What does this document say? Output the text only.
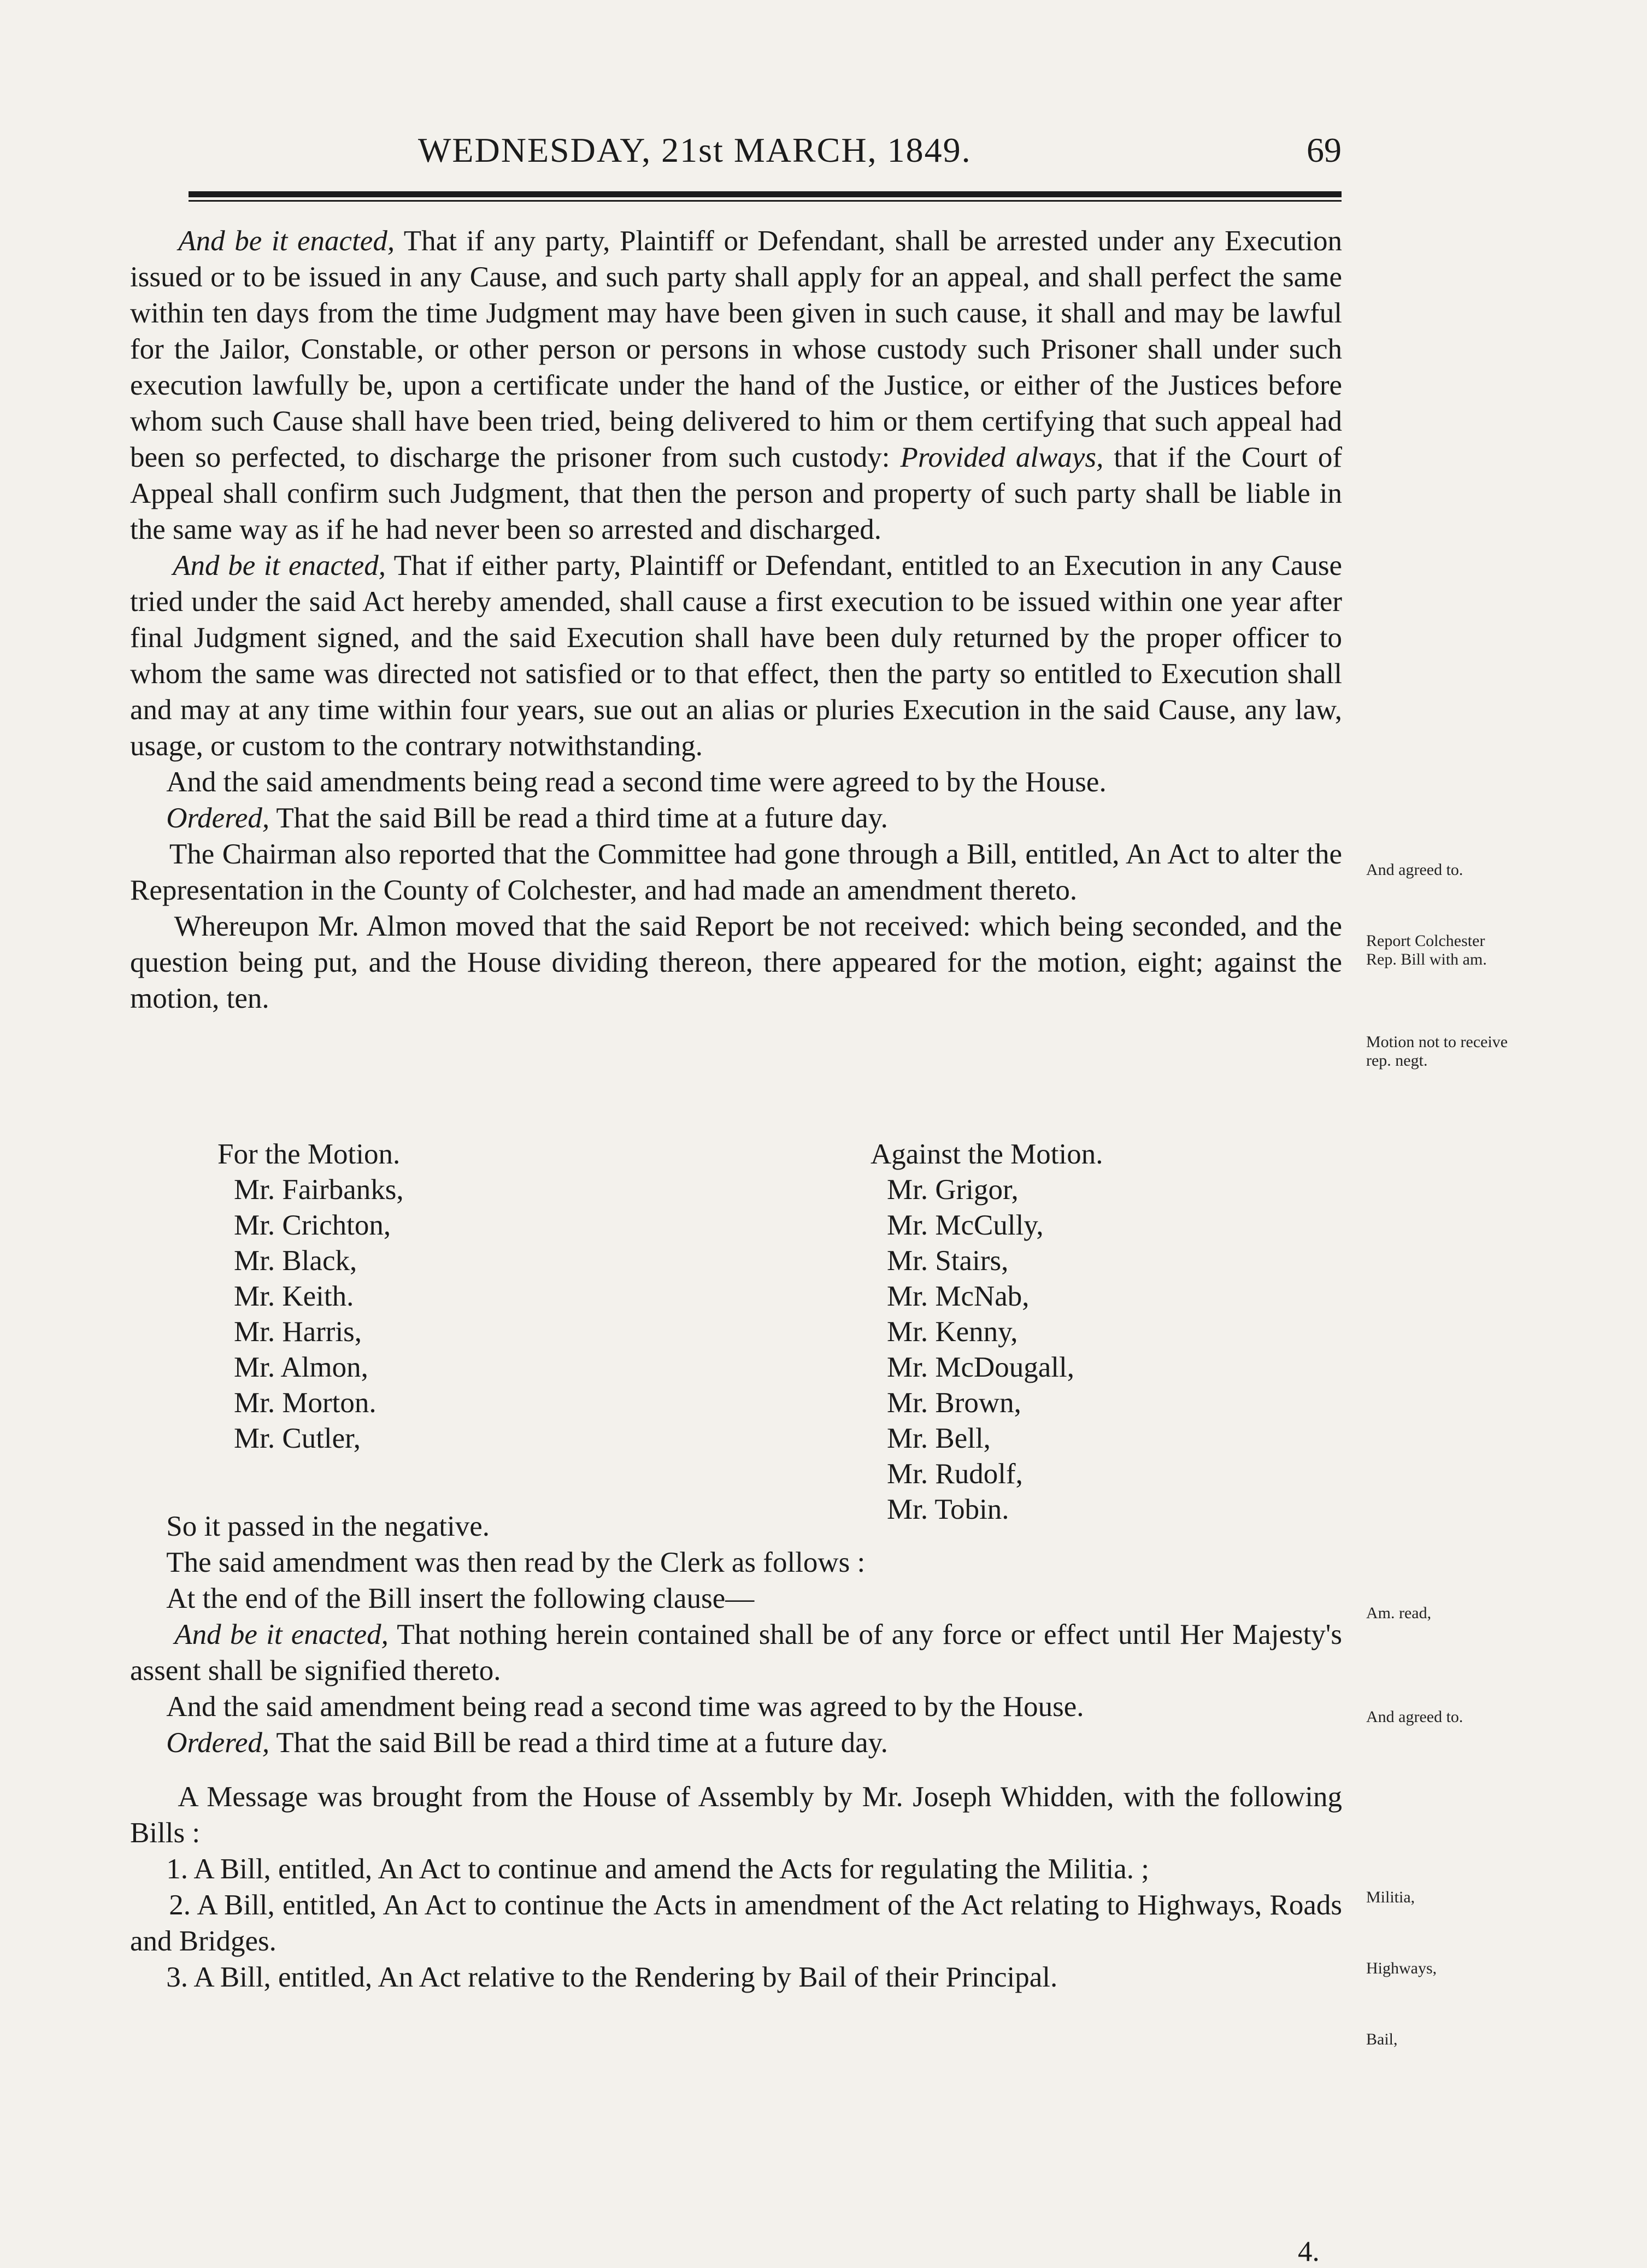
WEDNESDAY, 21st MARCH, 1849.	69

And be it enacted, That if any party, Plaintiff or Defendant, shall be arrested under any Execution issued or to be issued in any Cause, and such party shall apply for an appeal, and shall perfect the same within ten days from the time Judgment may have been given in such cause, it shall and may be lawful for the Jailor, Constable, or other person or persons in whose custody such Prisoner shall under such execution lawfully be, upon a certificate under the hand of the Justice, or either of the Justices before whom such Cause shall have been tried, being delivered to him or them certifying that such appeal had been so perfected, to discharge the prisoner from such custody: Provided always, that if the Court of Appeal shall confirm such Judgment, that then the person and property of such party shall be liable in the same way as if he had never been so arrested and discharged.

And be it enacted, That if either party, Plaintiff or Defendant, entitled to an Execution in any Cause tried under the said Act hereby amended, shall cause a first execution to be issued within one year after final Judgment signed, and the said Execution shall have been duly returned by the proper officer to whom the same was directed not satisfied or to that effect, then the party so entitled to Execution shall and may at any time within four years, sue out an alias or pluries Execution in the said Cause, any law, usage, or custom to the contrary notwithstanding.

And the said amendments being read a second time were agreed to by the House.

Ordered, That the said Bill be read a third time at a future day.

The Chairman also reported that the Committee had gone through a Bill, entitled, An Act to alter the Representation in the County of Colchester, and had made an amendment thereto.

Whereupon Mr. Almon moved that the said Report be not received: which being seconded, and the question being put, and the House dividing thereon, there appeared for the motion, eight; against the motion, ten.

For the Motion.

Mr. Fairbanks,

Mr. Crichton,

Mr. Black,

Mr. Keith.

Mr. Harris,

Mr. Almon,

Mr. Morton.

Mr. Cutler,

Against the Motion.

Mr. Grigor,

Mr. McCully,

Mr. Stairs,

Mr. McNab,

Mr. Kenny,

Mr. McDougall,

Mr. Brown,

Mr. Bell,

Mr. Rudolf,

Mr. Tobin.

So it passed in the negative.

The said amendment was then read by the Clerk as follows :

At the end of the Bill insert the following clause—

And be it enacted, That nothing herein contained shall be of any force or effect until Her Majesty's assent shall be signified thereto.

And the said amendment being read a second time was agreed to by the House.

Ordered, That the said Bill be read a third time at a future day.

A Message was brought from the House of Assembly by Mr. Joseph Whidden, with the following Bills :

1. A Bill, entitled, An Act to continue and amend the Acts for regulating the Militia. ;

2. A Bill, entitled, An Act to continue the Acts in amendment of the Act relating to Highways, Roads and Bridges.

3. A Bill, entitled, An Act relative to the Rendering by Bail of their Principal.

And agreed to.
Report Colchester Rep. Bill with am.
Motion not to receive rep. negt.
Am. read,
And agreed to.
Militia,
Highways,
Bail,
4.
